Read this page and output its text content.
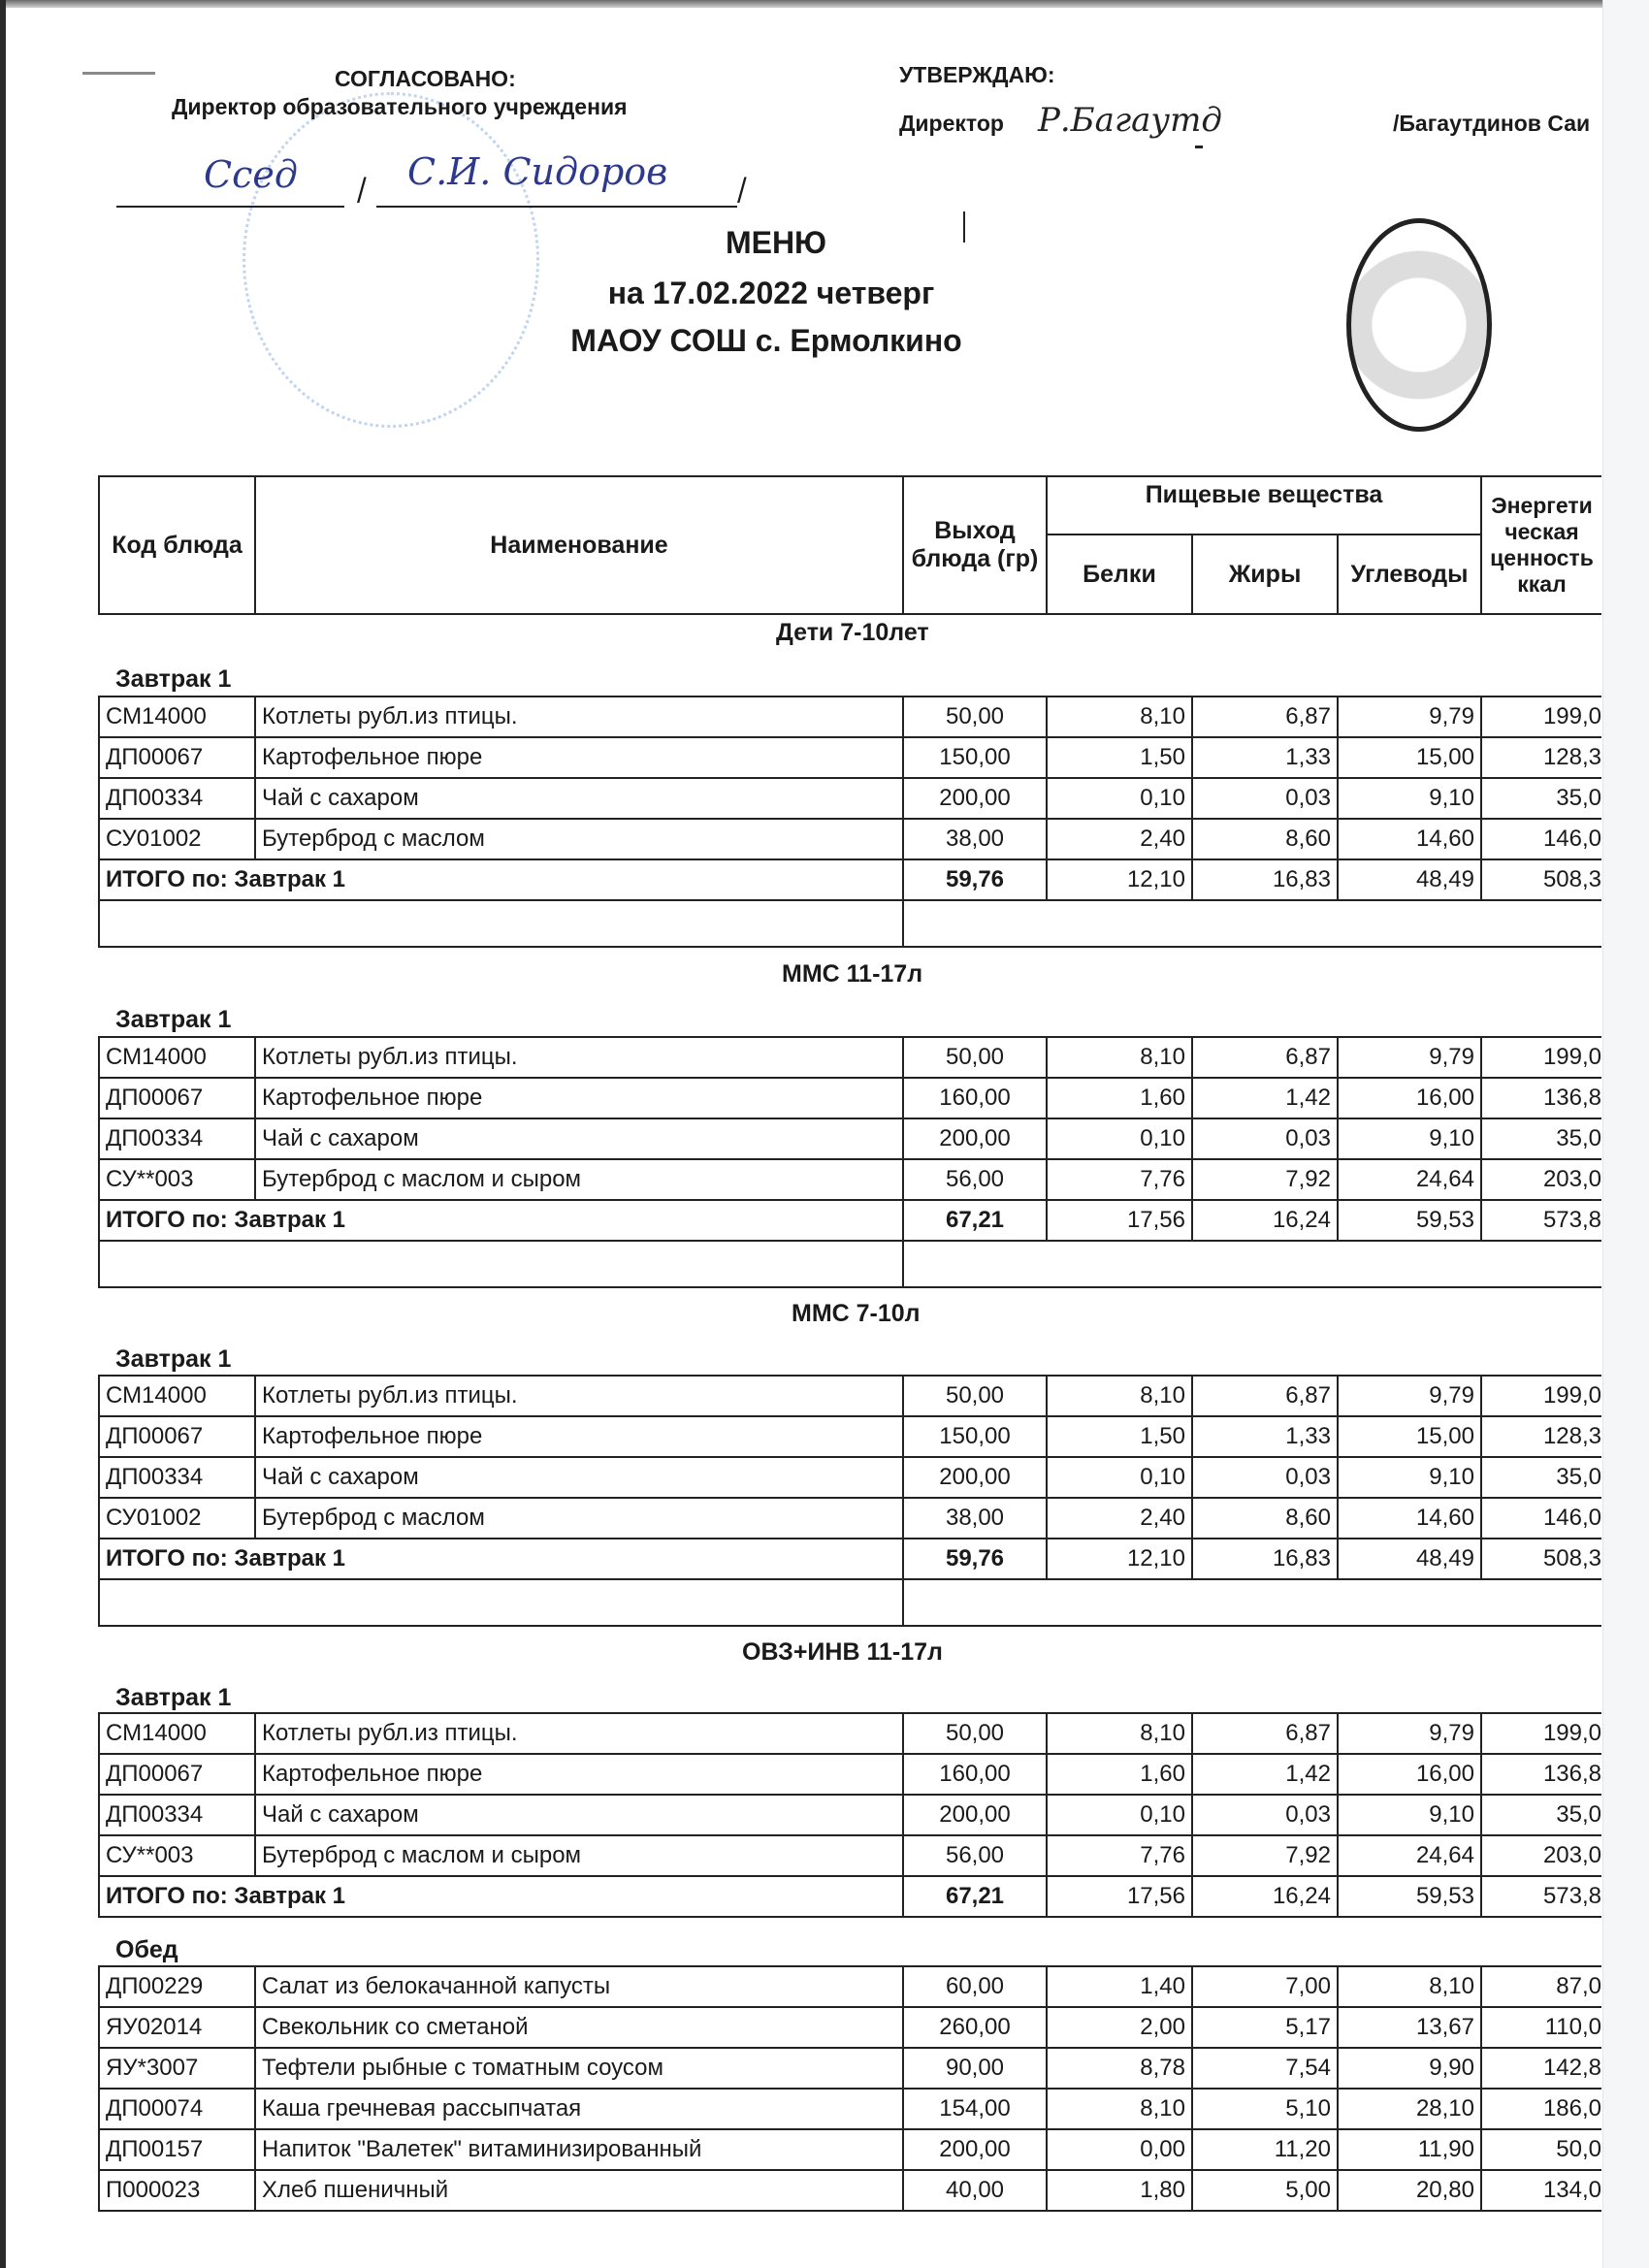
СОГЛАСОВАНО:
Директор образовательного учреждения
Ссед	С.И. Сидоров
/	/
УТВЕРЖДАЮ:
Директор Р.Багаутд	/Багаутдинов Саи
МЕНЮ
на 17.02.2022 четверг
МАОУ СОШ с. Ермолкино
Код блюда	Наименование	Выход блюда (гр)	Пищевые вещества			Энергети ческая ценность ккал
			Белки	Жиры	Углеводы	
Дети 7-10лет
Завтрак 1
СМ14000	Котлеты рубл.из птицы.	50,00	8,10	6,87	9,79	199,0
ДП00067	Картофельное пюре	150,00	1,50	1,33	15,00	128,3
ДП00334	Чай с сахаром	200,00	0,10	0,03	9,10	35,0
СУ01002	Бутерброд с маслом	38,00	2,40	8,60	14,60	146,0
ИТОГО по: Завтрак 1		59,76	12,10	16,83	48,49	508,3

ММС 11-17л
Завтрак 1
СМ14000	Котлеты рубл.из птицы.	50,00	8,10	6,87	9,79	199,0
ДП00067	Картофельное пюре	160,00	1,60	1,42	16,00	136,8
ДП00334	Чай с сахаром	200,00	0,10	0,03	9,10	35,0
СУ**003	Бутерброд с маслом и сыром	56,00	7,76	7,92	24,64	203,0
ИТОГО по: Завтрак 1		67,21	17,56	16,24	59,53	573,8

ММС 7-10л
Завтрак 1
СМ14000	Котлеты рубл.из птицы.	50,00	8,10	6,87	9,79	199,0
ДП00067	Картофельное пюре	150,00	1,50	1,33	15,00	128,3
ДП00334	Чай с сахаром	200,00	0,10	0,03	9,10	35,0
СУ01002	Бутерброд с маслом	38,00	2,40	8,60	14,60	146,0
ИТОГО по: Завтрак 1		59,76	12,10	16,83	48,49	508,3

ОВЗ+ИНВ 11-17л
Завтрак 1
СМ14000	Котлеты рубл.из птицы.	50,00	8,10	6,87	9,79	199,0
ДП00067	Картофельное пюре	160,00	1,60	1,42	16,00	136,8
ДП00334	Чай с сахаром	200,00	0,10	0,03	9,10	35,0
СУ**003	Бутерброд с маслом и сыром	56,00	7,76	7,92	24,64	203,0
ИТОГО по: Завтрак 1		67,21	17,56	16,24	59,53	573,8
Обед
ДП00229	Салат из белокачанной капусты	60,00	1,40	7,00	8,10	87,0
ЯУ02014	Свекольник со сметаной	260,00	2,00	5,17	13,67	110,0
ЯУ*3007	Тефтели рыбные с томатным соусом	90,00	8,78	7,54	9,90	142,8
ДП00074	Каша гречневая рассыпчатая	154,00	8,10	5,10	28,10	186,0
ДП00157	Напиток "Валетек" витаминизированный	200,00	0,00	11,20	11,90	50,0
П000023	Хлеб пшеничный	40,00	1,80	5,00	20,80	134,0
